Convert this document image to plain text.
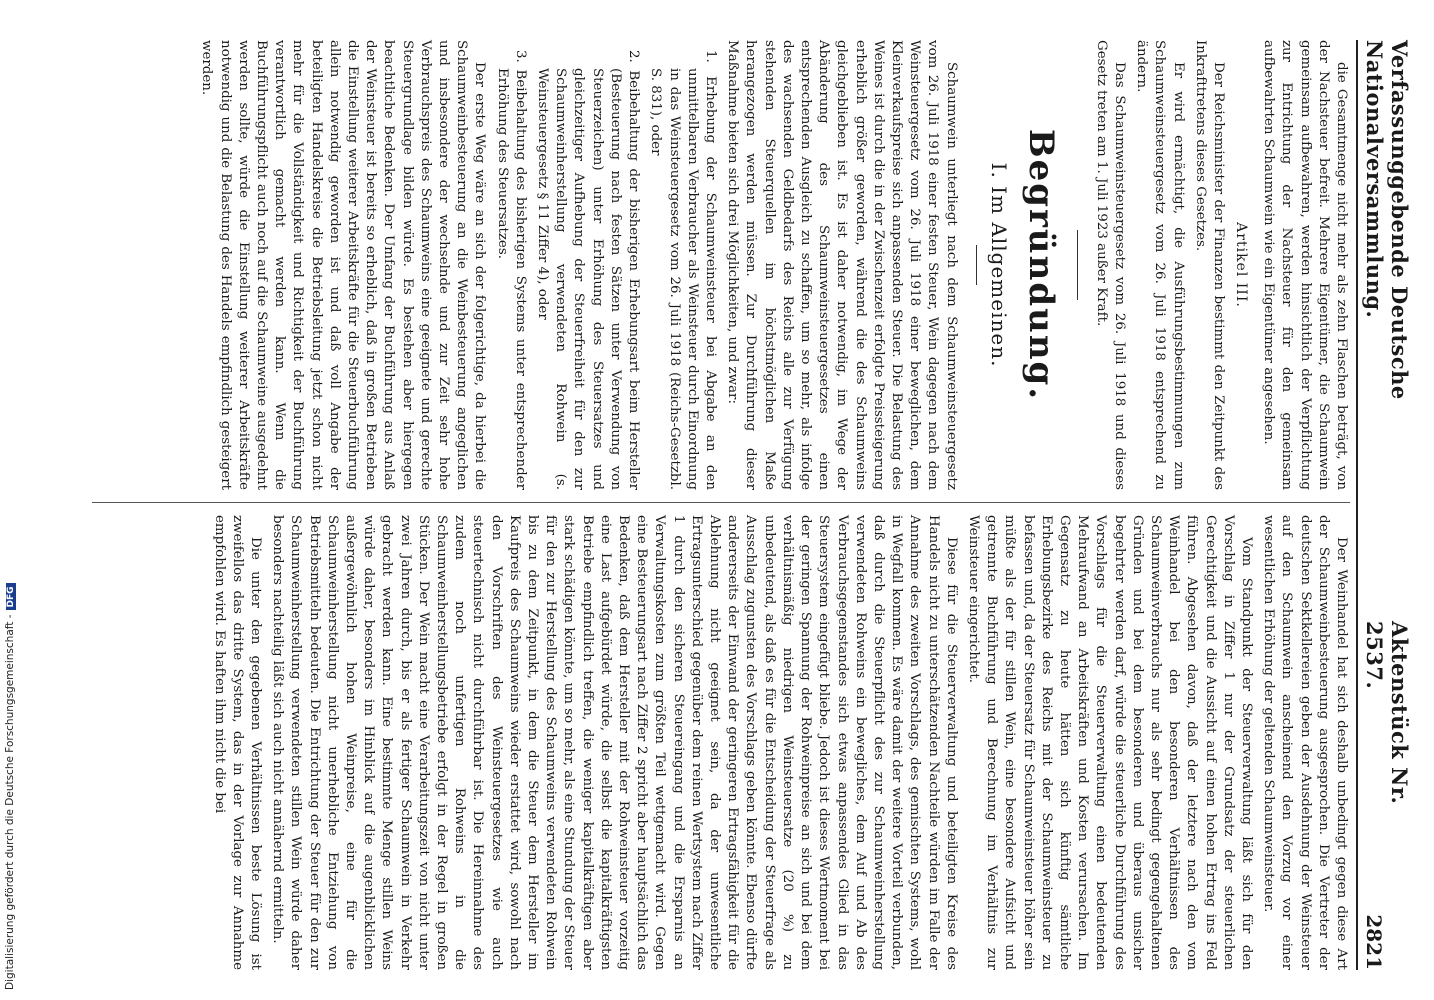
Verfassunggebende Deutsche Nationalversammlung.
Aktenstück Nr. 2537.
2821

die Gesamtmenge nicht mehr als zehn Flaschen beträgt, von der Nachsteuer befreit. Mehrere Eigentümer, die Schaumwein gemeinsam aufbewahren, werden hinsichtlich der Verpflichtung zur Entrichtung der Nachsteuer für den gemeinsam aufbewahrten Schaumwein wie ein Eigentümer angesehen.

Artikel III.

Der Reichsminister der Finanzen bestimmt den Zeitpunkt des Inkrafttretens dieses Gesetzes.

Er wird ermächtigt, die Ausführungsbestimmungen zum Schaumweinsteuergesetz vom 26. Juli 1918 entsprechend zu ändern.

Das Schaumweinsteuergesetz vom 26. Juli 1918 und dieses Gesetz treten am 1. Juli 1923 außer Kraft.

Begründung.
I. Im Allgemeinen.

Schaumwein unterliegt nach dem Schaumweinsteuergesetz vom 26. Juli 1918 einer festen Steuer, Wein dagegen nach dem Weinsteuergesetz vom 26. Juli 1918 einer beweglichen, dem Kleinverkaufspreise sich anpassenden Steuer. Die Belastung des Weines ist durch die in der Zwischenzeit erfolgte Preissteigerung erheblich größer geworden, während die des Schaumweins gleichgeblieben ist. Es ist daher notwendig, im Wege der Abänderung des Schaumweinsteuergesetzes einen entsprechenden Ausgleich zu schaffen, um so mehr, als infolge des wachsenden Geldbedarfs des Reichs alle zur Verfügung stehenden Steuerquellen im höchstmöglichen Maße herangezogen werden müssen. Zur Durchführung dieser Maßnahme bieten sich drei Möglichkeiten, und zwar:

1. Erhebung der Schaumweinsteuer bei Abgabe an den unmittelbaren Verbraucher als Weinsteuer durch Einordnung in das Weinsteuergesetz vom 26. Juli 1918 (Reichs-Gesetzbl. S. 831), oder

2. Beibehaltung der bisherigen Erhebungsart beim Hersteller (Besteuerung nach festen Sätzen unter Verwendung von Steuerzeichen) unter Erhöhung des Steuersatzes und gleichzeitiger Aufhebung der Steuerfreiheit für den zur Schaumweinherstellung verwendeten Rohwein (s. Weinsteuergesetz § 11 Ziffer 4), oder

3. Beibehaltung des bisherigen Systems unter entsprechender Erhöhung des Steuersatzes.

Der erste Weg wäre an sich der folgerichtige, da hierbei die Schaumweinbesteuerung an die Weinbesteuerung angeglichen und insbesondere der wechselnde und zur Zeit sehr hohe Verbrauchspreis des Schaumweins eine geeignete und gerechte Steuergrundlage bilden würde. Es bestehen aber hiergegen beachtliche Bedenken. Der Umfang der Buchführung aus Anlaß der Weinsteuer ist bereits so erheblich, daß in großen Betrieben die Einstellung weiterer Arbeitskräfte für die Steuerbuchführung allein notwendig geworden ist und daß voll Angabe der beteiligten Handelskreise die Betriebsleitung jetzt schon nicht mehr für die Vollständigkeit und Richtigkeit der Buchführung verantwortlich gemacht werden kann. Wenn die Buchführungspflicht auch noch auf die Schaumweine ausgedehnt werden sollte, würde die Einstellung weiterer Arbeitskräfte notwendig und die Belastung des Handels empfindlich gesteigert werden.

Der Weinhandel hat sich deshalb unbedingt gegen diese Art der Schaumweinbesteuerung ausgesprochen. Die Vertreter der deutschen Sektkellereien geben der Ausdehnung der Weinsteuer auf den Schaumwein anscheinend den Vorzug vor einer wesentlichen Erhöhung der geltenden Schaumweinsteuer.

Vom Standpunkt der Steuerverwaltung läßt sich für den Vorschlag in Ziffer 1 nur der Grundsatz der steuerlichen Gerechtigkeit und die Aussicht auf einen hohen Ertrag ins Feld führen. Abgesehen davon, daß der letztere nach den vom Weinhandel bei den besonderen Verhältnissen des Schaumweinverbrauchs nur als sehr bedingt gegengehaltenen Gründen und bei dem besonderen und überaus unsicher begehrter werden darf, würde die steuerliche Durchführung des Vorschlags für die Steuerverwaltung einen bedeutenden Mehraufwand an Arbeitskräften und Kosten verursachen. Im Gegensatz zu heute hätten sich künftig sämtliche Erhebungsbezirke des Reichs mit der Schaumweinsteuer zu befassen und, da der Steuersatz für Schaumweinsteuer höher sein müßte als der für stillen Wein, eine besondere Aufsicht und getrennte Buchführung und Berechnung im Verhältnis zur Weinsteuer eingerichtet.

Diese für die Steuerverwaltung und beteiligten Kreise des Handels nicht zu unterschätzenden Nachteile würden im Falle der Annahme des zweiten Vorschlags, des gemischten Systems, wohl in Wegfall kommen. Es wäre damit der weitere Vorteil verbunden, daß durch die Steuerpflicht des zur Schaumweinherstellung verwendeten Rohweins ein bewegliches, dem Auf und Ab des Verbrauchsgegenstandes sich etwas anpassendes Glied in das Steuersystem eingefügt bliebe. Jedoch ist dieses Wertmoment bei der geringen Spannung der Rohweinpreise an sich und bei dem verhältnismäßig niedrigen Weinsteuersatze (20 %) zu unbedeutend, als daß es für die Entscheidung der Steuerfrage als Ausschlag zugunsten des Vorschlags geben könnte. Ebenso dürfte andererseits der Einwand der geringeren Ertragsfähigkeit für die Ablehnung nicht geeignet sein, da der unwesentliche Ertragsunterschied gegenüber dem reinen Wertsystem nach Ziffer 1 durch den sicheren Steuereingang und die Ersparnis an Verwaltungskosten zum größten Teil wettgemacht wird. Gegen eine Besteuerungsart nach Ziffer 2 spricht aber hauptsächlich das Bedenken, daß dem Hersteller mit der Rohweinsteuer vorzeitig eine Last aufgebürdet würde, die selbst die kapitalkräftigsten Betriebe empfindlich treffen, die weniger kapitalkräftigen aber stark schädigen könnte, um so mehr, als eine Stundung der Steuer für den zur Herstellung des Schaumweins verwendeten Rohwein bis zu dem Zeitpunkt, in dem die Steuer dem Hersteller im Kaufpreis des Schaumweins wieder erstattet wird, sowohl nach den Vorschriften des Weinsteuergesetzes wie auch steuertechnisch nicht durchführbar ist. Die Hereinnahme des zudem noch unfertigen Rohweins in die Schaumweinherstellungsbetriebe erfolgt in der Regel in großen Stücken. Der Wein macht eine Verarbeitungszeit von nicht unter zwei Jahren durch, bis er als fertiger Schaumwein in Verkehr gebracht werden kann. Eine bestimmte Menge stillen Weins würde daher, besonders im Hinblick auf die augenblicklichen außergewöhnlich hohen Weinpreise, eine für die Schaumweinherstellung nicht unerhebliche Entziehung von Betriebsmitteln bedeuten. Die Entrichtung der Steuer für den zur Schaumweinherstellung verwendeten stillen Wein würde daher besonders nachteilig läßt sich auch nicht annähernd ermitteln.

Die unter den gegebenen Verhältnissen beste Lösung ist zweifellos das dritte System, das in der Vorlage zur Annahme empfohlen wird. Es haften ihm nicht die bei

Digitalisierung gefördert durch die Deutsche Forschungsgemeinschaft -DFG
